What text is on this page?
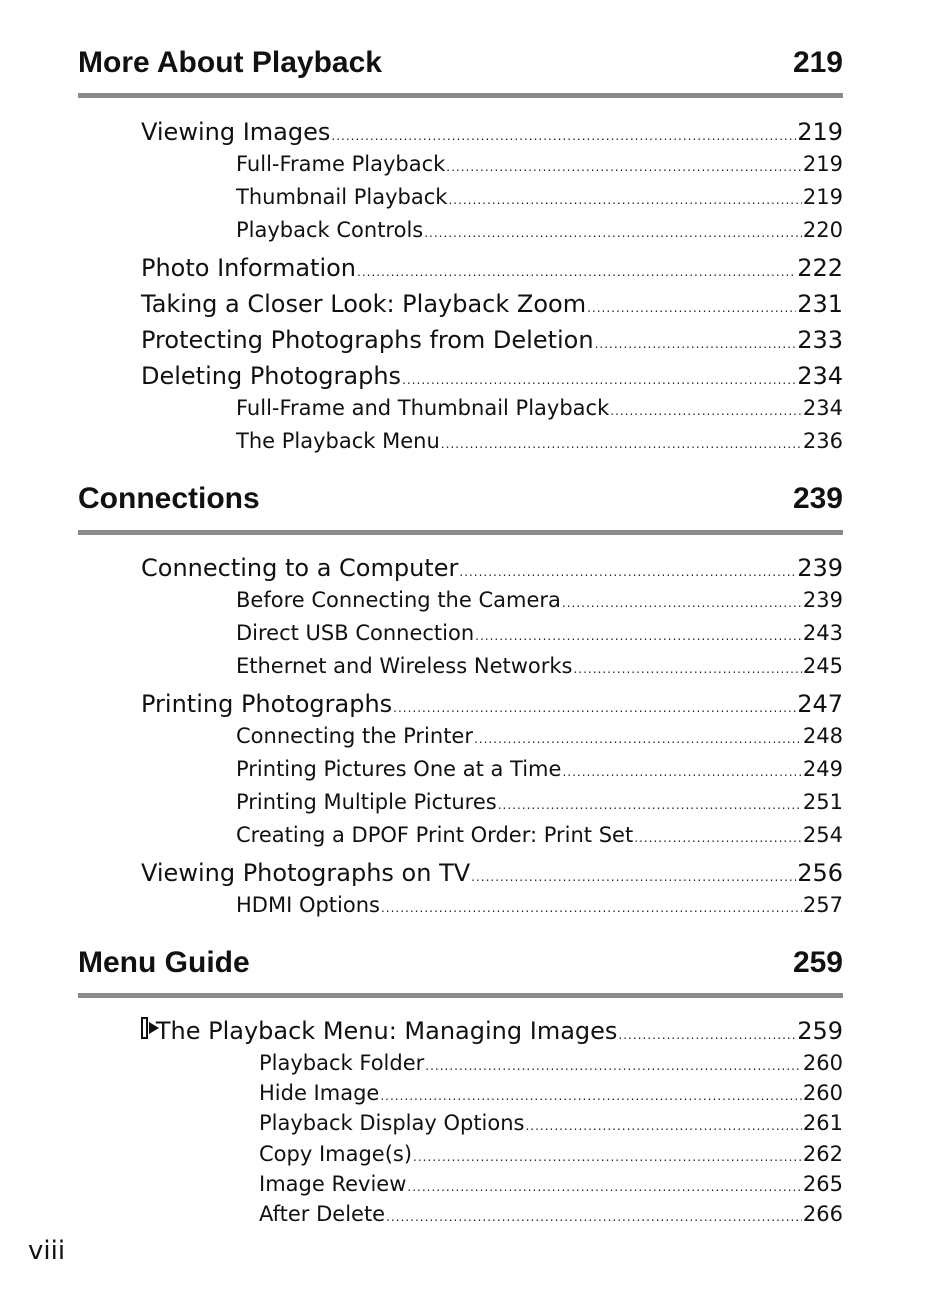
More About Playback	219
Viewing Images .....	219
Full-Frame Playback .....	219
Thumbnail Playback .....	219
Playback Controls .....	220
Photo Information .....	222
Taking a Closer Look: Playback Zoom .....	231
Protecting Photographs from Deletion .....	233
Deleting Photographs .....	234
Full-Frame and Thumbnail Playback .....	234
The Playback Menu .....	236
Connections	239
Connecting to a Computer .....	239
Before Connecting the Camera .....	239
Direct USB Connection .....	243
Ethernet and Wireless Networks .....	245
Printing Photographs .....	247
Connecting the Printer .....	248
Printing Pictures One at a Time .....	249
Printing Multiple Pictures .....	251
Creating a DPOF Print Order: Print Set .....	254
Viewing Photographs on TV .....	256
HDMI Options .....	257
Menu Guide	259
The Playback Menu: Managing Images .....	259
Playback Folder .....	260
Hide Image .....	260
Playback Display Options .....	261
Copy Image(s) .....	262
Image Review .....	265
After Delete .....	266
viii
